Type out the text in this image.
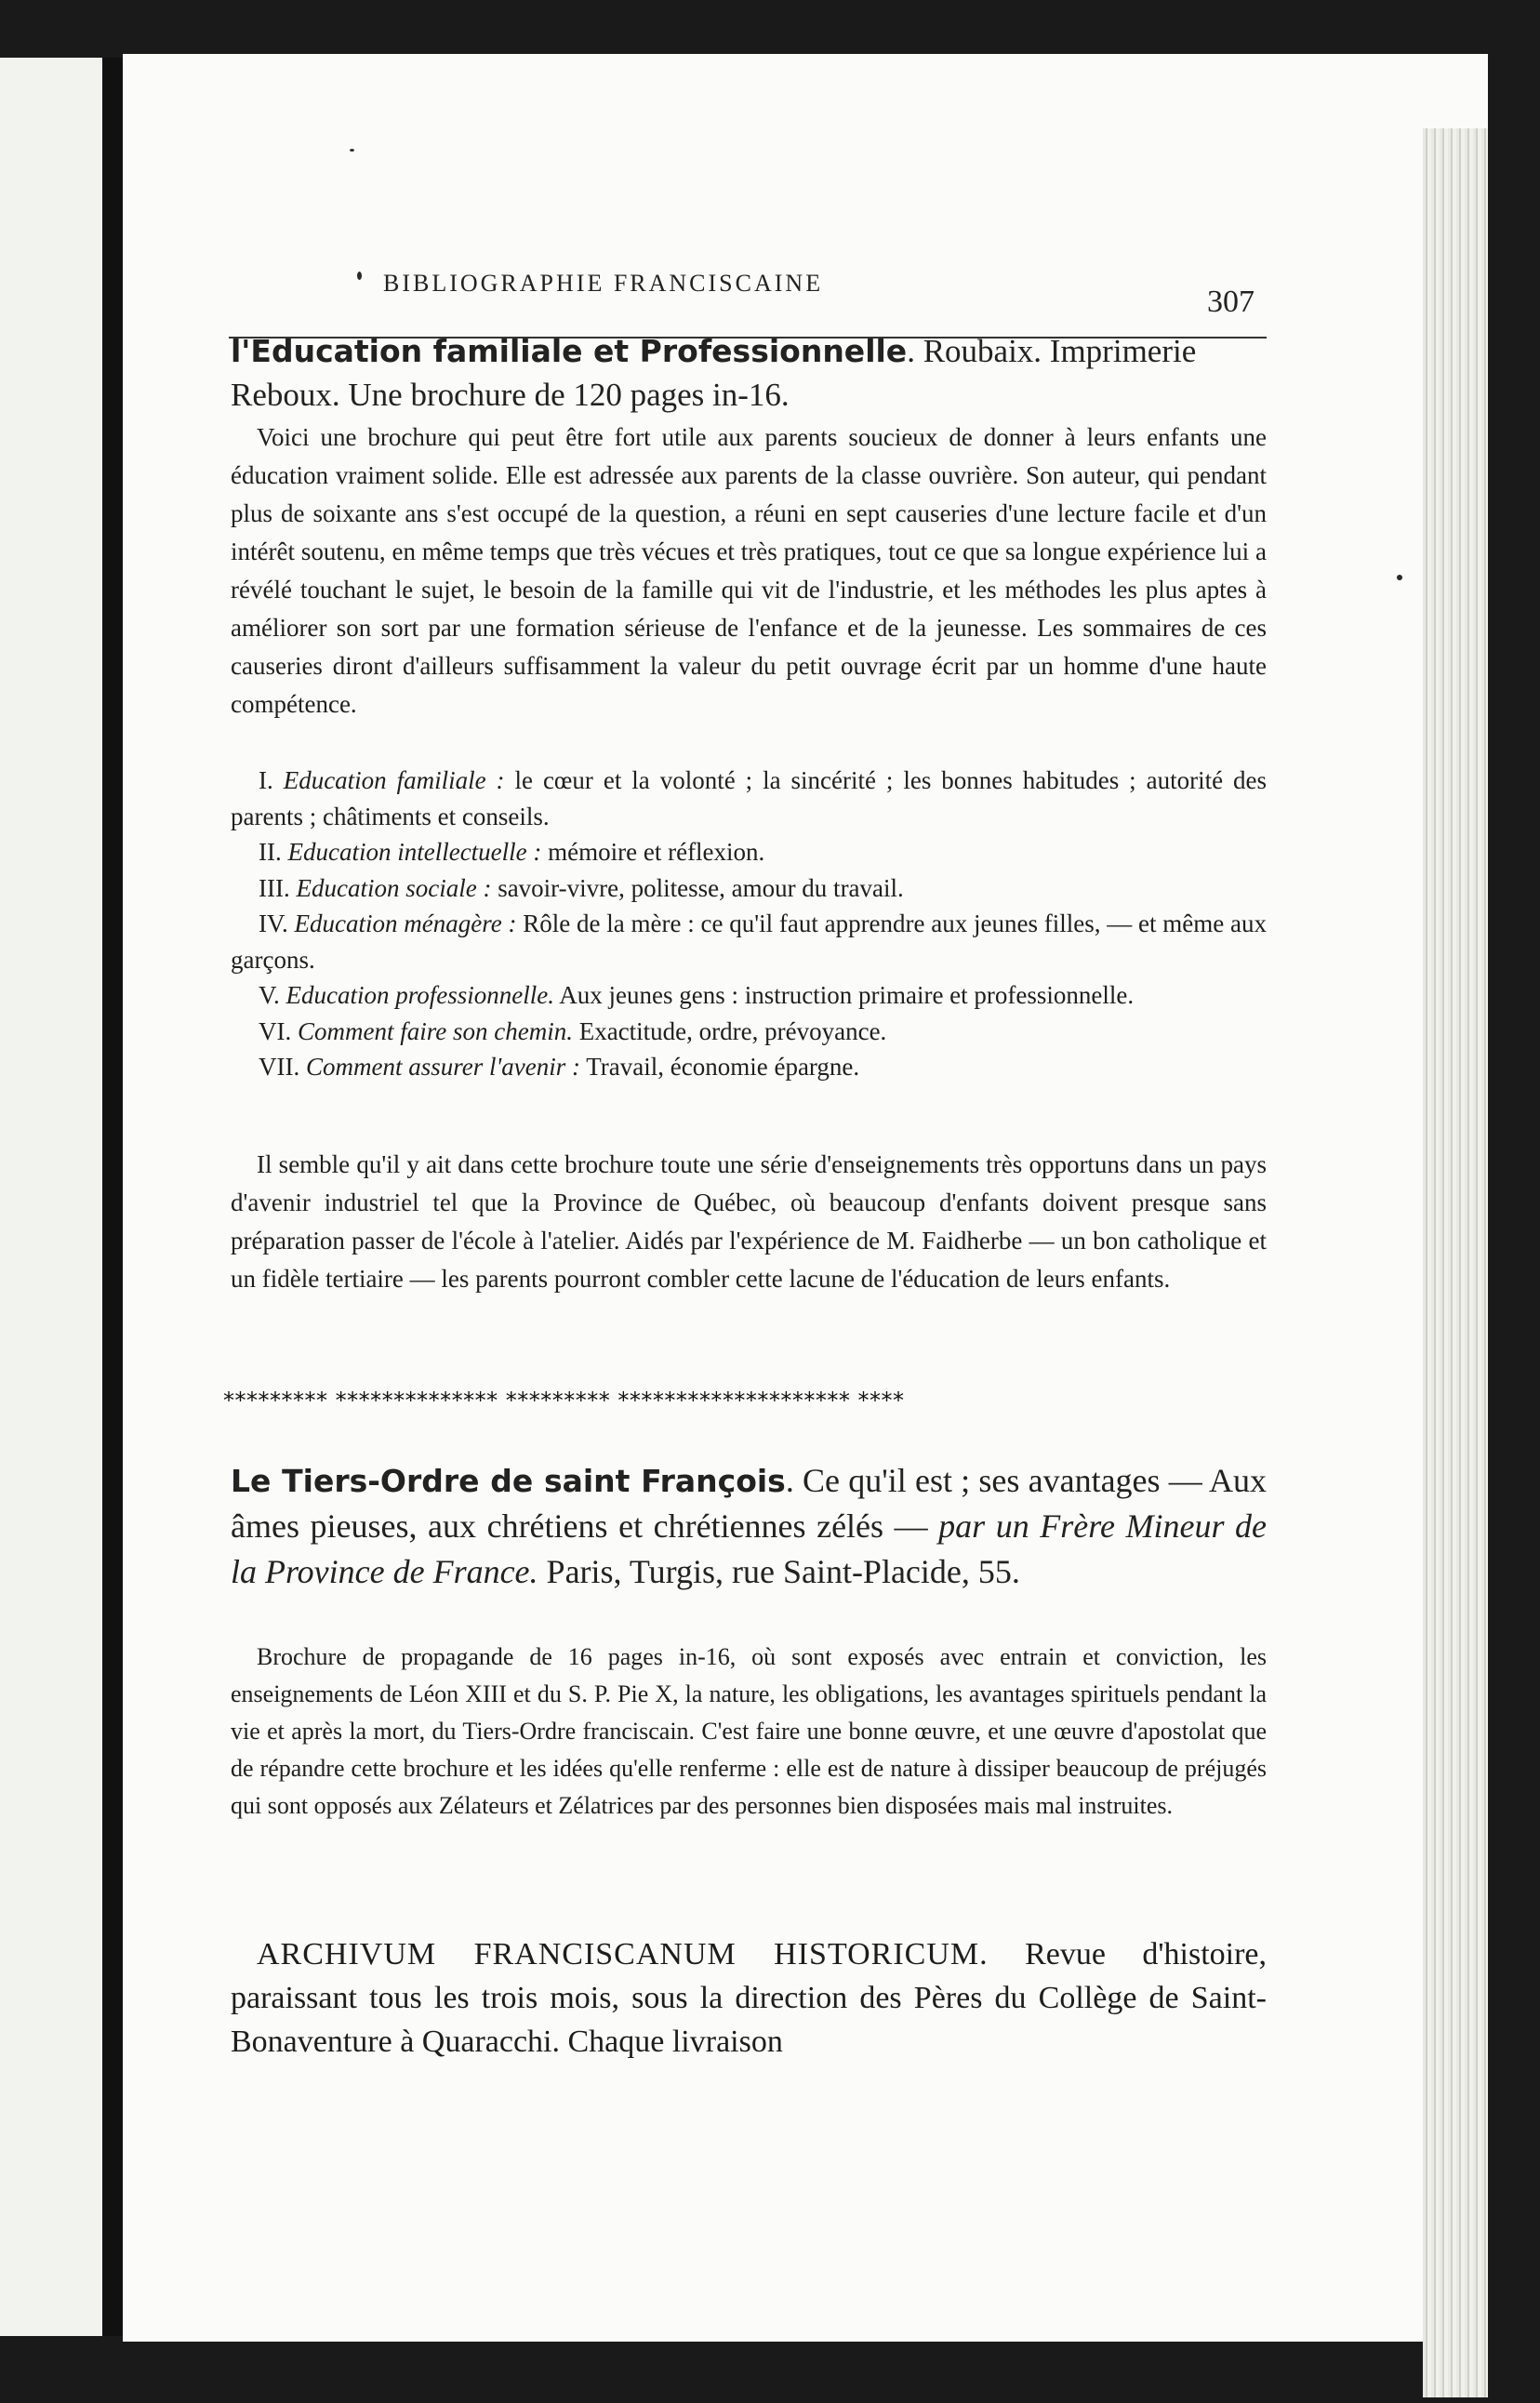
BIBLIOGRAPHIE FRANCISCAINE
307
l'Education familiale et Professionnelle. Roubaix. Imprimerie Reboux. Une brochure de 120 pages in-16.
Voici une brochure qui peut être fort utile aux parents soucieux de donner à leurs enfants une éducation vraiment solide. Elle est adressée aux parents de la classe ouvrière. Son auteur, qui pendant plus de soixante ans s'est occupé de la question, a réuni en sept causeries d'une lecture facile et d'un intérêt soutenu, en même temps que très vécues et très pratiques, tout ce que sa longue expérience lui a révélé touchant le sujet, le besoin de la famille qui vit de l'industrie, et les méthodes les plus aptes à améliorer son sort par une formation sérieuse de l'enfance et de la jeunesse. Les sommaires de ces causeries diront d'ailleurs suffisamment la valeur du petit ouvrage écrit par un homme d'une haute compétence.
I. Education familiale : le cœur et la volonté ; la sincérité ; les bonnes habitudes ; autorité des parents ; châtiments et conseils.
II. Education intellectuelle : mémoire et réflexion.
III. Education sociale : savoir-vivre, politesse, amour du travail.
IV. Education ménagère : Rôle de la mère : ce qu'il faut apprendre aux jeunes filles, — et même aux garçons.
V. Education professionnelle. Aux jeunes gens : instruction primaire et professionnelle.
VI. Comment faire son chemin. Exactitude, ordre, prévoyance.
VII. Comment assurer l'avenir : Travail, économie épargne.
Il semble qu'il y ait dans cette brochure toute une série d'enseignements très opportuns dans un pays d'avenir industriel tel que la Province de Québec, où beaucoup d'enfants doivent presque sans préparation passer de l'école à l'atelier. Aidés par l'expérience de M. Faidherbe — un bon catholique et un fidèle tertiaire — les parents pourront combler cette lacune de l'éducation de leurs enfants.
********* ************** ********* ******************** ****
Le Tiers-Ordre de saint François. Ce qu'il est ; ses avantages — Aux âmes pieuses, aux chrétiens et chrétiennes zélés — par un Frère Mineur de la Province de France. Paris, Turgis, rue Saint-Placide, 55.
Brochure de propagande de 16 pages in-16, où sont exposés avec entrain et conviction, les enseignements de Léon XIII et du S. P. Pie X, la nature, les obligations, les avantages spirituels pendant la vie et après la mort, du Tiers-Ordre franciscain. C'est faire une bonne œuvre, et une œuvre d'apostolat que de répandre cette brochure et les idées qu'elle renferme : elle est de nature à dissiper beaucoup de préjugés qui sont opposés aux Zélateurs et Zélatrices par des personnes bien disposées mais mal instruites.
ARCHIVUM FRANCISCANUM HISTORICUM. Revue d'histoire, paraissant tous les trois mois, sous la direction des Pères du Collège de Saint-Bonaventure à Quaracchi. Chaque livraison
